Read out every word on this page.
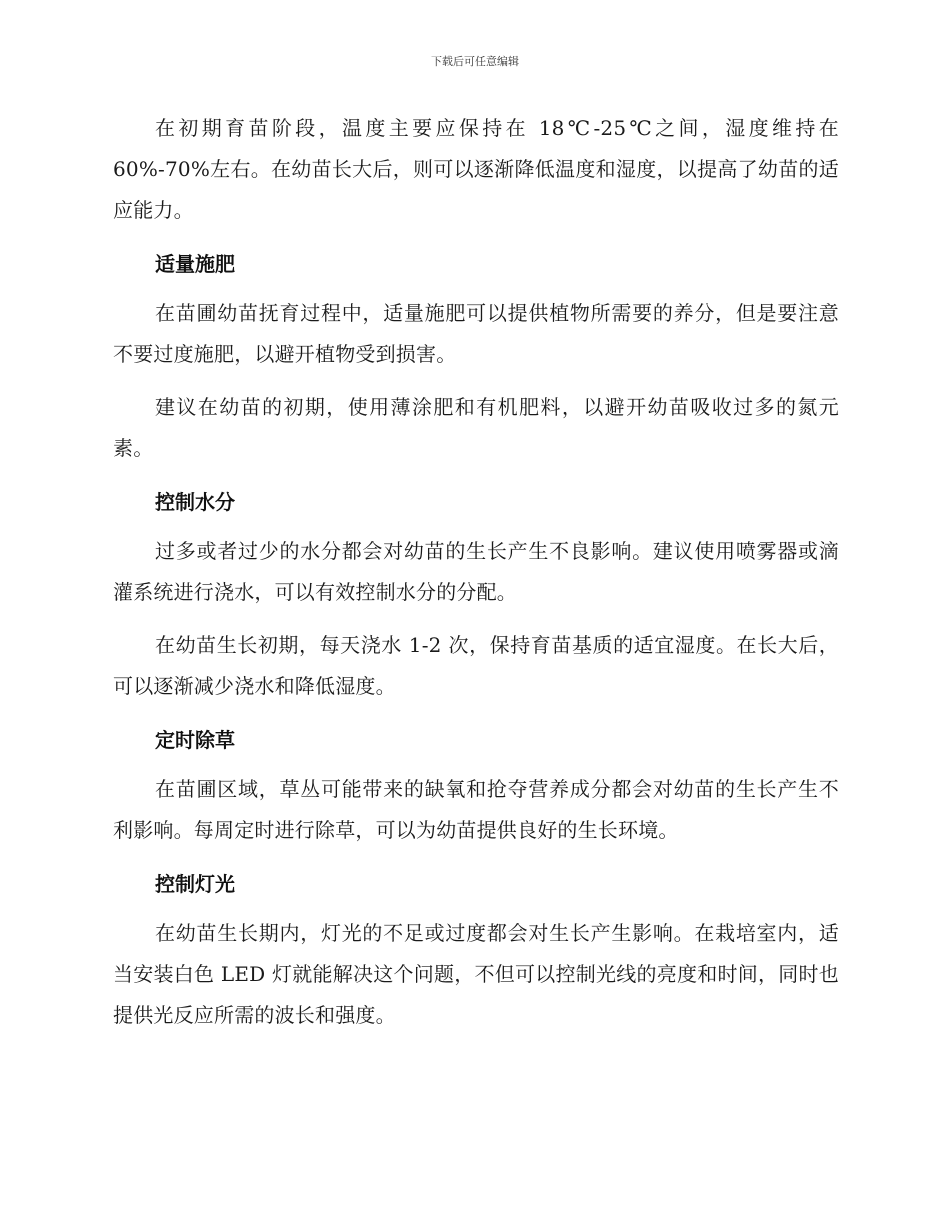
下载后可任意编辑

在初期育苗阶段，温度主要应保持在 18℃-25℃之间，湿度维持在 60%-70%左右。在幼苗长大后，则可以逐渐降低温度和湿度，以提高了幼苗的适应能力。

适量施肥

在苗圃幼苗抚育过程中，适量施肥可以提供植物所需要的养分，但是要注意不要过度施肥，以避开植物受到损害。

建议在幼苗的初期，使用薄涂肥和有机肥料，以避开幼苗吸收过多的氮元素。

控制水分

过多或者过少的水分都会对幼苗的生长产生不良影响。建议使用喷雾器或滴灌系统进行浇水，可以有效控制水分的分配。

在幼苗生长初期，每天浇水 1-2 次，保持育苗基质的适宜湿度。在长大后，可以逐渐减少浇水和降低湿度。

定时除草

在苗圃区域，草丛可能带来的缺氧和抢夺营养成分都会对幼苗的生长产生不利影响。每周定时进行除草，可以为幼苗提供良好的生长环境。

控制灯光

在幼苗生长期内，灯光的不足或过度都会对生长产生影响。在栽培室内，适当安装白色 LED 灯就能解决这个问题，不但可以控制光线的亮度和时间，同时也提供光反应所需的波长和强度。
